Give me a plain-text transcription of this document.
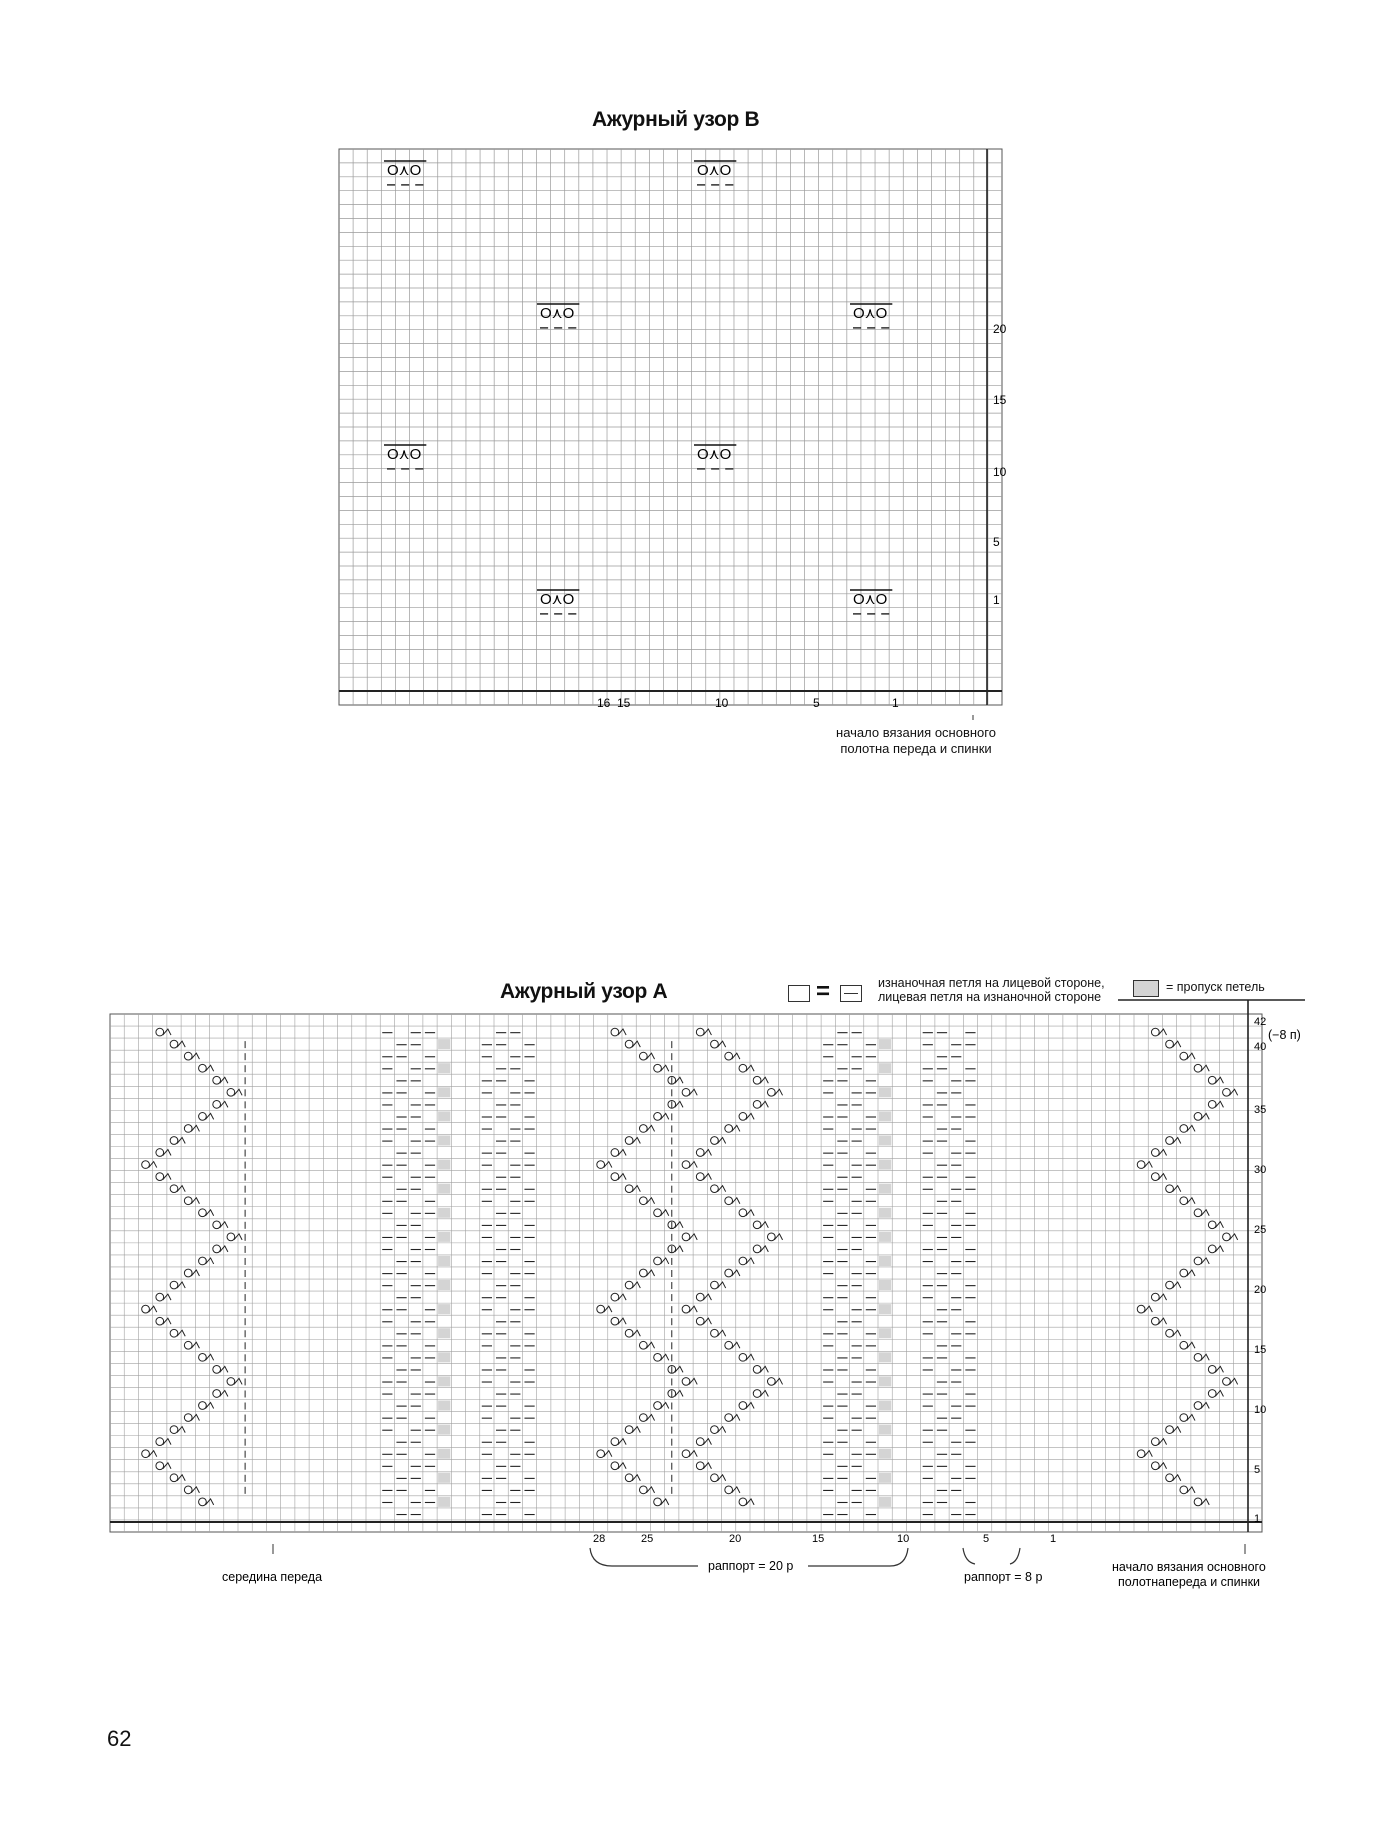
Ажурный узор В
O⋏O	O⋏O
O⋏O	O⋏O
O⋏O	O⋏O
O⋏O	O⋏O
20
15
10
5
1
16 15	10	5	1
начало вязания основного
полотна переда и спинки
Ажурный узор А	=	изнаночная петля на лицевой стороне,
лицевая петля на изнаночной стороне
= пропуск петель
42
40
35
30
25
20
15
10
5
1
(−8 п)
28	25	20	15	10	5	1
раппорт = 20 р
раппорт = 8 р
середина переда
начало вязания основного
полотнапереда и спинки
62
